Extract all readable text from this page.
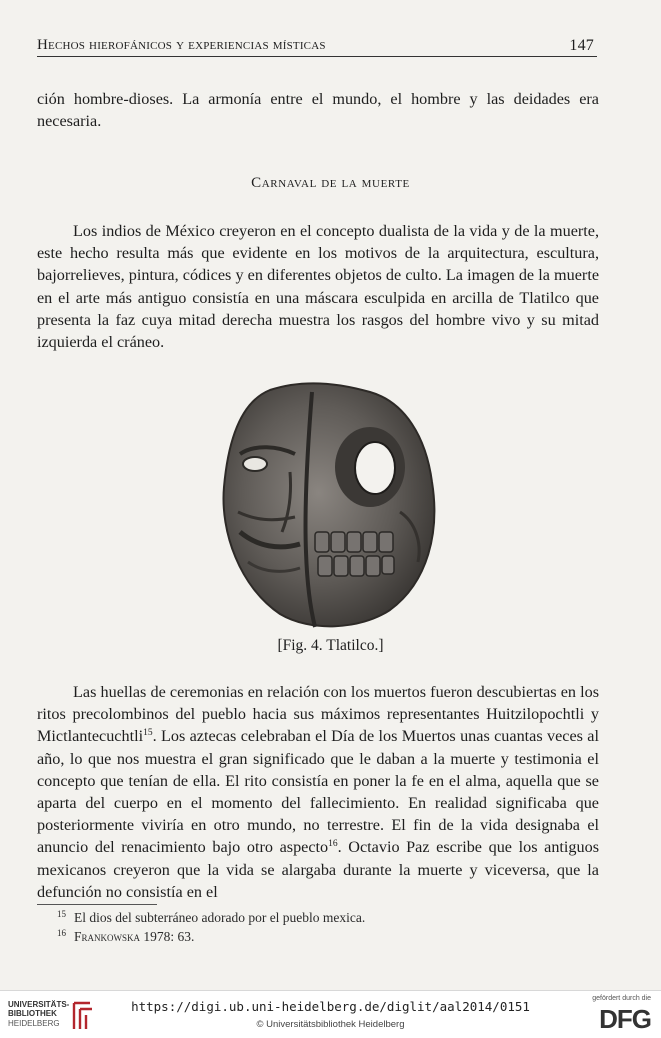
Hechos hierofánicos y experiencias místicas	147

ción hombre-dioses. La armonía entre el mundo, el hombre y las deidades era necesaria.

Carnaval de la muerte

Los indios de México creyeron en el concepto dualista de la vida y de la muerte, este hecho resulta más que evidente en los motivos de la arquitectura, escultura, bajorrelieves, pintura, códices y en diferentes objetos de culto. La imagen de la muerte en el arte más antiguo consistía en una máscara esculpida en arcilla de Tlatilco que presenta la faz cuya mitad derecha muestra los rasgos del hombre vivo y su mitad izquierda el cráneo.

[Fig. 4. Tlatilco.]

Las huellas de ceremonias en relación con los muertos fueron descubiertas en los ritos precolombinos del pueblo hacia sus máximos representantes Huitzilopochtli y Mictlantecuchtli$^{15}$. Los aztecas celebraban el Día de los Muertos unas cuantas veces al año, lo que nos muestra el gran significado que le daban a la muerte y testimonia el concepto que tenían de ella. El rito consistía en poner la fe en el alma, aquella que se aparta del cuerpo en el momento del fallecimiento. En realidad significaba que posteriormente viviría en otro mundo, no terrestre. El fin de la vida designaba el anuncio del renacimiento bajo otro aspecto$^{16}$. Octavio Paz escribe que los antiguos mexicanos creyeron que la vida se alargaba durante la muerte y viceversa, que la defunción no consistía en el

$^{15}$ El dios del subterráneo adorado por el pueblo mexica.
$^{16}$ Frankowska 1978: 63.
UNIVERSITÄTS-
BIBLIOTHEK
HEIDELBERG
https://digi.ub.uni-heidelberg.de/diglit/aal2014/0151
© Universitätsbibliothek Heidelberg
gefördert durch die
DFG
